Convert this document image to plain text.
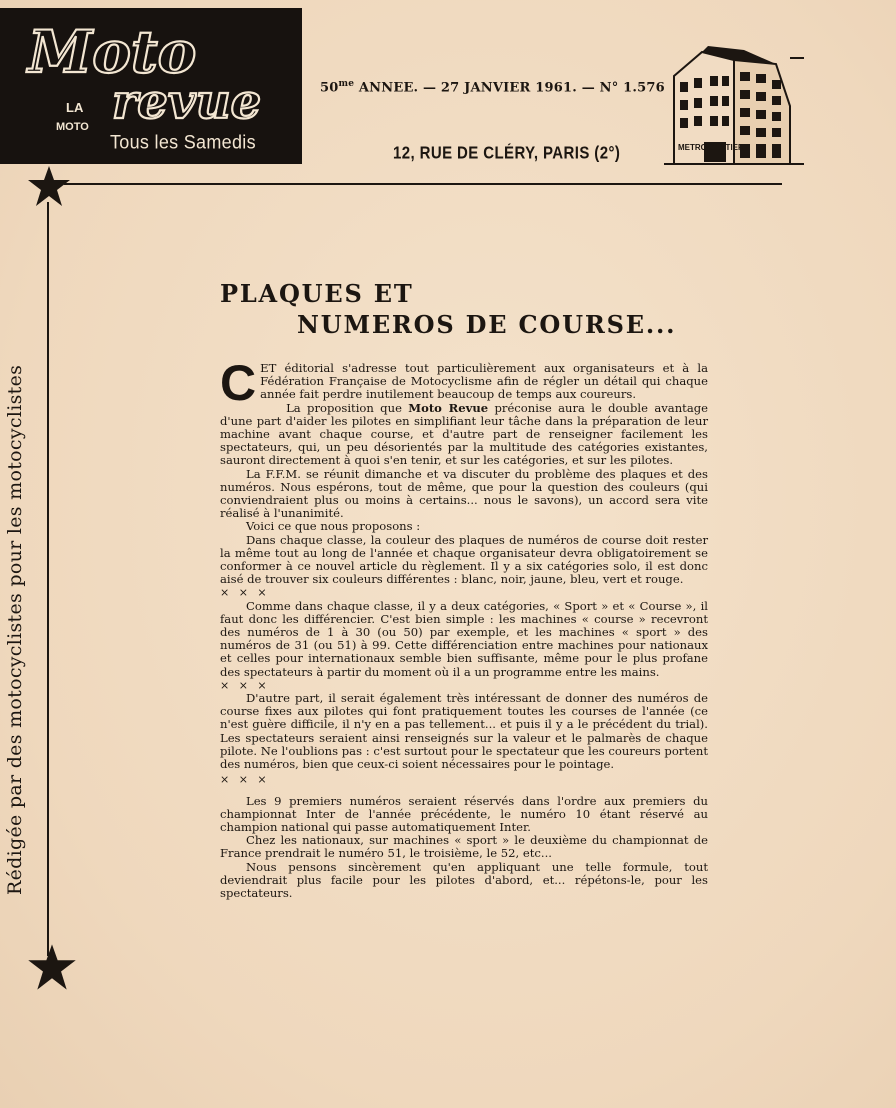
Moto
LA revue
MOTO
Tous les Samedis
$50^{me}$ ANNEE. — 27 JANVIER 1961. — N° 1.576
12, RUE DE CLÉRY, PARIS (2°)	METRO SENTIER
Rédigée par des motocyclistes pour les motocyclistes
PLAQUES ET
NUMEROS DE COURSE...

CET éditorial s'adresse tout particulièrement aux organisateurs et à la Fédération Française de Motocyclisme afin de régler un détail qui chaque année fait perdre inutilement beaucoup de temps aux coureurs.

La proposition que Moto Revue préconise aura le double avantage d'une part d'aider les pilotes en simplifiant leur tâche dans la préparation de leur machine avant chaque course, et d'autre part de renseigner facilement les spectateurs, qui, un peu désorientés par la multitude des catégories existantes, sauront directement à quoi s'en tenir, et sur les catégories, et sur les pilotes.

La F.F.M. se réunit dimanche et va discuter du problème des plaques et des numéros. Nous espérons, tout de même, que pour la question des couleurs (qui conviendraient plus ou moins à certains... nous le savons), un accord sera vite réalisé à l'unanimité.

Voici ce que nous proposons :

Dans chaque classe, la couleur des plaques de numéros de course doit rester la même tout au long de l'année et chaque organisateur devra obligatoirement se conformer à ce nouvel article du règlement. Il y a six catégories solo, il est donc aisé de trouver six couleurs différentes : blanc, noir, jaune, bleu, vert et rouge.

× × ×

Comme dans chaque classe, il y a deux catégories, « Sport » et « Course », il faut donc les différencier. C'est bien simple : les machines « course » recevront des numéros de 1 à 30 (ou 50) par exemple, et les machines « sport » des numéros de 31 (ou 51) à 99. Cette différenciation entre machines pour nationaux et celles pour internationaux semble bien suffisante, même pour le plus profane des spectateurs à partir du moment où il a un programme entre les mains.

× × ×

D'autre part, il serait également très intéressant de donner des numéros de course fixes aux pilotes qui font pratiquement toutes les courses de l'année (ce n'est guère difficile, il n'y en a pas tellement... et puis il y a le précédent du trial). Les spectateurs seraient ainsi renseignés sur la valeur et le palmarès de chaque pilote. Ne l'oublions pas : c'est surtout pour le spectateur que les coureurs portent des numéros, bien que ceux-ci soient nécessaires pour le pointage.

× × ×

Les 9 premiers numéros seraient réservés dans l'ordre aux premiers du championnat Inter de l'année précédente, le numéro 10 étant réservé au champion national qui passe automatiquement Inter.

Chez les nationaux, sur machines « sport » le deuxième du championnat de France prendrait le numéro 51, le troisième, le 52, etc...

Nous pensons sincèrement qu'en appliquant une telle formule, tout deviendrait plus facile pour les pilotes d'abord, et... répétons-le, pour les spectateurs.
